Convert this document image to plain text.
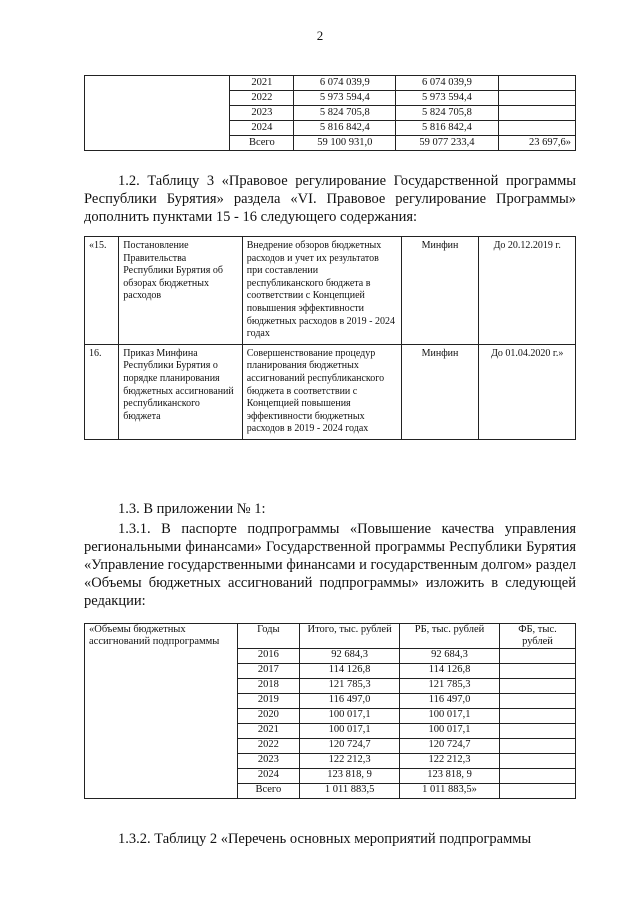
2
	2021	6 074 039,9	6 074 039,9	
	2022	5 973 594,4	5 973 594,4	
	2023	5 824 705,8	5 824 705,8	
	2024	5 816 842,4	5 816 842,4	
	Всего	59 100 931,0	59 077 233,4	23 697,6»
1.2. Таблицу 3 «Правовое регулирование Государственной программы Республики Бурятия» раздела «VI. Правовое регулирование Программы» дополнить пунктами 15 - 16 следующего содержания:
«15.	Постановление Правительства Республики Бурятия об обзорах бюджетных расходов	Внедрение обзоров бюджетных расходов и учет их результатов при составлении республиканского бюджета в соответствии с Концепцией повышения эффективности бюджетных расходов в 2019 - 2024 годах	Минфин	До 20.12.2019 г.
16.	Приказ Минфина Республики Бурятия о порядке планирования бюджетных ассигнований республиканского бюджета	Совершенствование процедур планирования бюджетных ассигнований республиканского бюджета в соответствии с Концепцией повышения эффективности бюджетных расходов в 2019 - 2024 годах	Минфин	До 01.04.2020 г.»
1.3. В приложении № 1:
1.3.1. В паспорте подпрограммы «Повышение качества управления региональными финансами» Государственной программы Республики Бурятия «Управление государственными финансами и государственным долгом» раздел «Объемы бюджетных ассигнований подпрограммы» изложить в следующей редакции:
«Объемы бюджетных ассигнований подпрограммы	Годы	Итого, тыс. рублей	РБ, тыс. рублей	ФБ, тыс. рублей
	2016	92 684,3	92 684,3	
	2017	114 126,8	114 126,8	
	2018	121 785,3	121 785,3	
	2019	116 497,0	116 497,0	
	2020	100 017,1	100 017,1	
	2021	100 017,1	100 017,1	
	2022	120 724,7	120 724,7	
	2023	122 212,3	122 212,3	
	2024	123 818, 9	123 818, 9	
	Всего	1 011 883,5	1 011 883,5»	
1.3.2. Таблицу 2 «Перечень основных мероприятий подпрограммы
